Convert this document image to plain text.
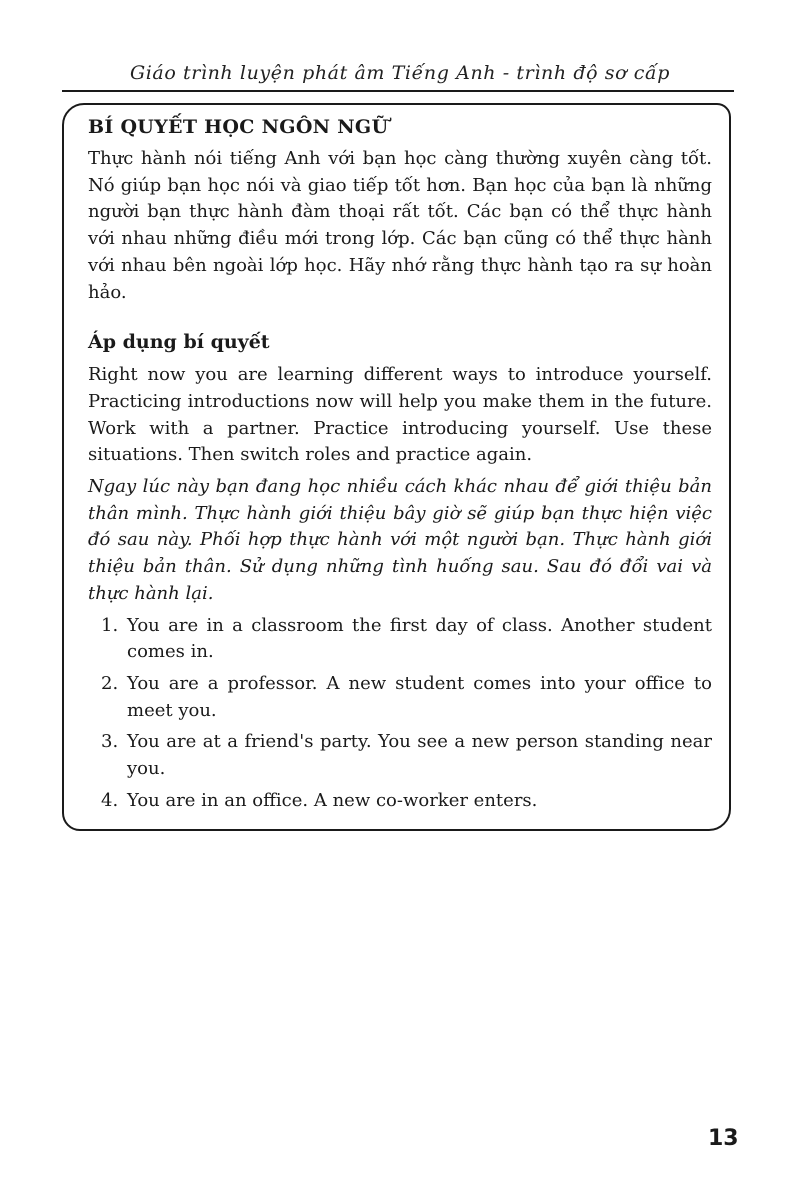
Giáo trình luyện phát âm Tiếng Anh - trình độ sơ cấp

BÍ QUYẾT HỌC NGÔN NGỮ

Thực hành nói tiếng Anh với bạn học càng thường xuyên càng tốt. Nó giúp bạn học nói và giao tiếp tốt hơn. Bạn học của bạn là những người bạn thực hành đàm thoại rất tốt. Các bạn có thể thực hành với nhau những điều mới trong lớp. Các bạn cũng có thể thực hành với nhau bên ngoài lớp học. Hãy nhớ rằng thực hành tạo ra sự hoàn hảo.

Áp dụng bí quyết

Right now you are learning different ways to introduce yourself. Practicing introductions now will help you make them in the future. Work with a partner. Practice introducing yourself. Use these situations. Then switch roles and practice again.

Ngay lúc này bạn đang học nhiều cách khác nhau để giới thiệu bản thân mình. Thực hành giới thiệu bây giờ sẽ giúp bạn thực hiện việc đó sau này. Phối hợp thực hành với một người bạn. Thực hành giới thiệu bản thân. Sử dụng những tình huống sau. Sau đó đổi vai và thực hành lại.

1. You are in a classroom the first day of class. Another student comes in.
2. You are a professor. A new student comes into your office to meet you.
3. You are at a friend's party. You see a new person standing near you.
4. You are in an office. A new co-worker enters.
13
